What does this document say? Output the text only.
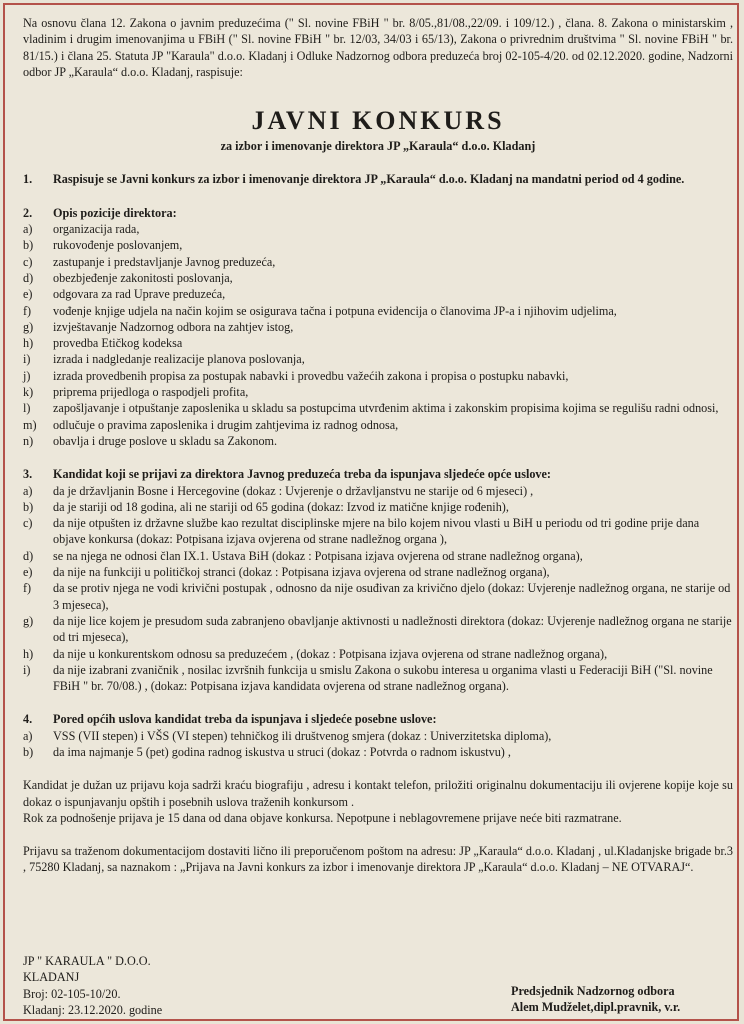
Na osnovu člana 12. Zakona o javnim preduzećima (" Sl. novine FBiH " br. 8/05.,81/08.,22/09. i 109/12.) , člana. 8. Zakona o ministarskim , vladinim i drugim imenovanjima u FBiH (" Sl. novine FBiH " br. 12/03, 34/03 i 65/13), Zakona o privrednim društvima " Sl. novine FBiH " br. 81/15.) i člana 25. Statuta JP "Karaula" d.o.o. Kladanj i Odluke Nadzornog odbora preduzeća broj 02-105-4/20. od 02.12.2020. godine, Nadzorni odbor JP „Karaula“ d.o.o. Kladanj, raspisuje:

JAVNI KONKURS
za izbor i imenovanje direktora JP „Karaula“ d.o.o. Kladanj
1.	Raspisuje se Javni konkurs za izbor i imenovanje direktora JP „Karaula“ d.o.o. Kladanj na mandatni period od 4 godine.
2.	Opis pozicije direktora:
a)	organizacija rada,
b)	rukovođenje poslovanjem,
c)	zastupanje i predstavljanje Javnog preduzeća,
d)	obezbjeđenje zakonitosti poslovanja,
e)	odgovara za rad Uprave preduzeća,
f)	vođenje knjige udjela na način kojim se osigurava tačna i potpuna evidencija o članovima JP-a i njihovim udjelima,
g)	izvještavanje Nadzornog odbora na zahtjev istog,
h)	provedba Etičkog kodeksa
i)	izrada i nadgledanje realizacije planova poslovanja,
j)	izrada provedbenih propisa za postupak nabavki i provedbu važećih zakona i propisa o postupku nabavki,
k)	priprema prijedloga o raspodjeli profita,
l)	zapošljavanje i otpuštanje zaposlenika u skladu sa postupcima utvrđenim aktima i zakonskim propisima kojima se regulišu radni odnosi,
m)	odlučuje o pravima zaposlenika i drugim zahtjevima iz radnog odnosa,
n)	obavlja i druge poslove u skladu sa Zakonom.
3.	Kandidat koji se prijavi za direktora Javnog preduzeća treba da ispunjava sljedeće opće uslove:
a)	da je državljanin Bosne i Hercegovine (dokaz : Uvjerenje o državljanstvu ne starije od 6 mjeseci) ,
b)	da je stariji od 18 godina, ali ne stariji od 65 godina (dokaz: Izvod iz matične knjige rođenih),
c)	da nije otpušten iz državne službe kao rezultat disciplinske mjere na bilo kojem nivou vlasti u BiH u periodu od tri godine prije dana objave konkursa (dokaz: Potpisana izjava ovjerena od strane nadležnog organa ),
d)	se na njega ne odnosi član IX.1. Ustava BiH (dokaz : Potpisana izjava ovjerena od strane nadležnog organa),
e)	da nije na funkciji u političkoj stranci (dokaz : Potpisana izjava ovjerena od strane nadležnog organa),
f)	da se protiv njega ne vodi krivični postupak , odnosno da nije osuđivan za krivično djelo (dokaz: Uvjerenje nadležnog organa, ne starije od 3 mjeseca),
g)	da nije lice kojem je presudom suda zabranjeno obavljanje aktivnosti u nadležnosti direktora (dokaz: Uvjerenje nadležnog organa ne starije od tri mjeseca),
h)	da nije u konkurentskom odnosu sa preduzećem , (dokaz : Potpisana izjava ovjerena od strane nadležnog organa),
i)	da nije izabrani zvaničnik , nosilac izvršnih funkcija u smislu Zakona o sukobu interesa u organima vlasti u Federaciji BiH ("Sl. novine FBiH " br. 70/08.) , (dokaz: Potpisana izjava kandidata ovjerena od strane nadležnog organa).
4.	Pored općih uslova kandidat treba da ispunjava i sljedeće posebne uslove:
a)	VSS (VII stepen) i VŠS (VI stepen) tehničkog ili društvenog smjera (dokaz : Univerzitetska diploma),
b)	da ima najmanje 5 (pet) godina radnog iskustva u struci (dokaz : Potvrda o radnom iskustvu) ,

Kandidat je dužan uz prijavu koja sadrži kraću biografiju , adresu i kontakt telefon, priložiti originalnu dokumentaciju ili ovjerene kopije koje su dokaz o ispunjavanju opštih i posebnih uslova traženih konkursom .

Rok za podnošenje prijava je 15 dana od dana objave konkursa. Nepotpune i neblagovremene prijave neće biti razmatrane.

Prijavu sa traženom dokumentacijom dostaviti lično ili preporučenom poštom na adresu: JP „Karaula“ d.o.o. Kladanj , ul.Kladanjske brigade br.3 , 75280 Kladanj, sa naznakom : „Prijava na Javni konkurs za izbor i imenovanje direktora JP „Karaula“ d.o.o. Kladanj – NE OTVARAJ“.

JP " KARAULA " D.O.O.
KLADANJ
Broj: 02-105-10/20.
Kladanj: 23.12.2020. godine
Predsjednik Nadzornog odbora
Alem Mudželet,dipl.pravnik, v.r.
